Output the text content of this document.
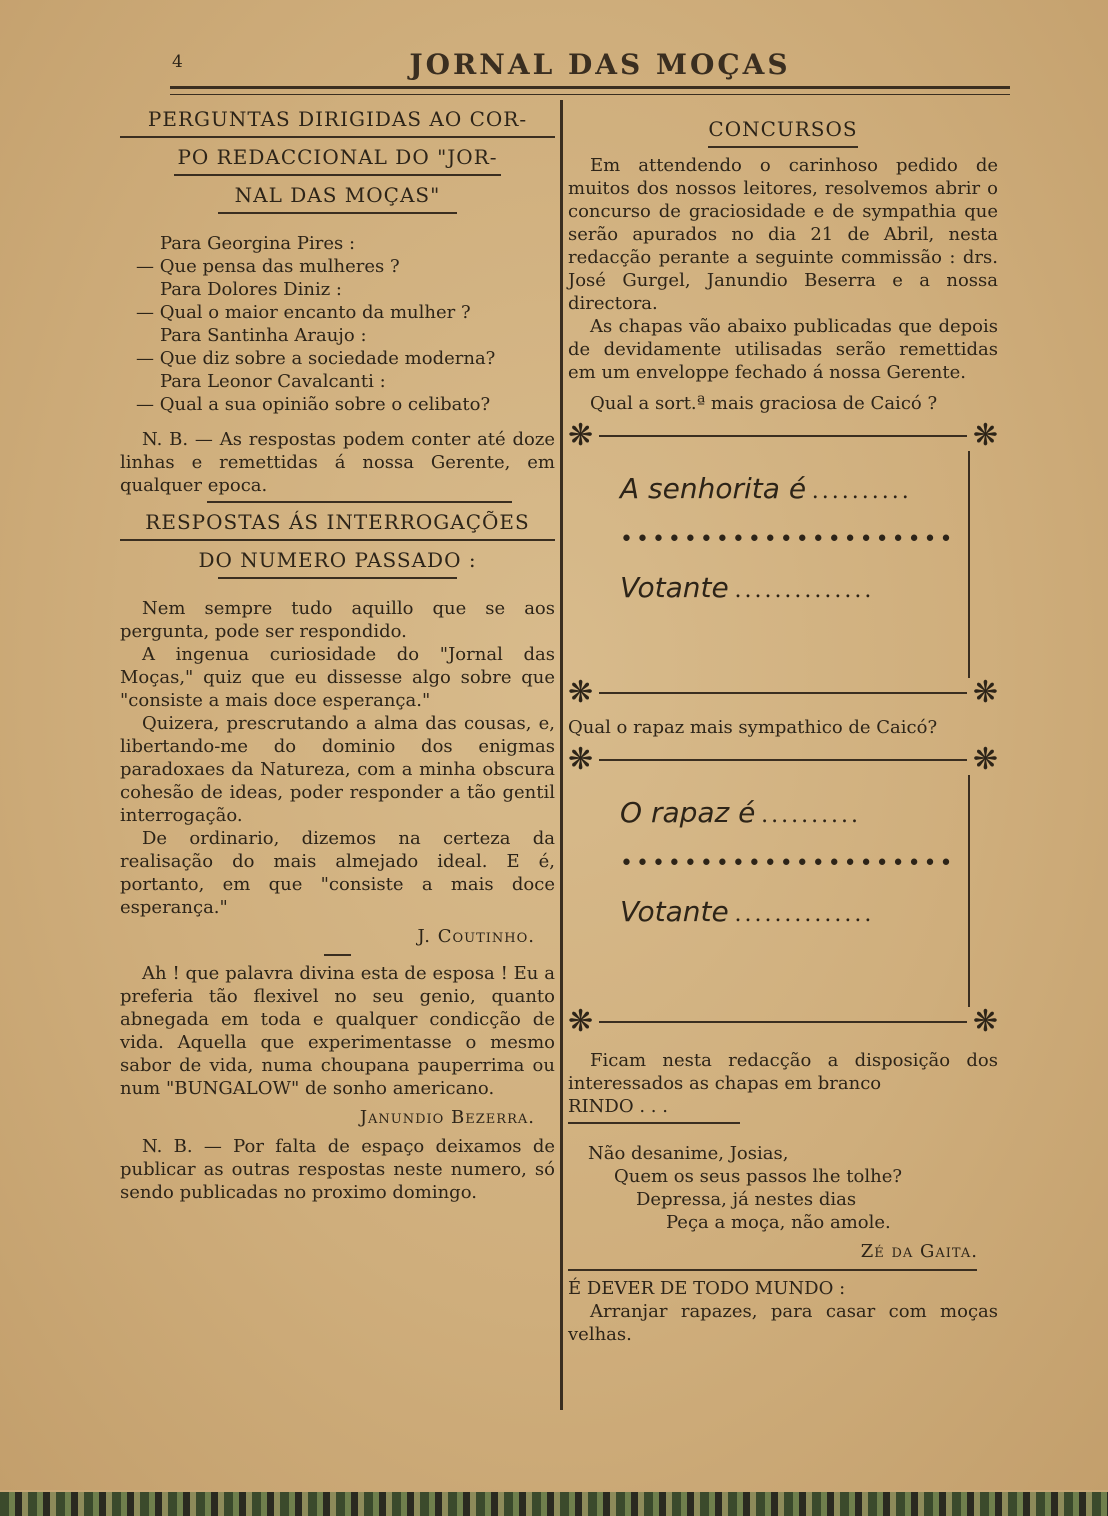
4	JORNAL DAS MOÇAS
PERGUNTAS DIRIGIDAS AO COR-
PO REDACCIONAL DO "JOR-
NAL DAS MOÇAS"

Para Georgina Pires :

— Que pensa das mulheres ?

Para Dolores Diniz :

— Qual o maior encanto da mulher ?

Para Santinha Araujo :

— Que diz sobre a sociedade moderna?

Para Leonor Cavalcanti :

— Qual a sua opinião sobre o celibato?

N. B. — As respostas podem conter até doze linhas e remettidas á nossa Gerente, em qualquer epoca.

RESPOSTAS ÁS INTERROGAÇÕES
DO NUMERO PASSADO :

Nem sempre tudo aquillo que se aos pergunta, pode ser respondido.

A ingenua curiosidade do "Jornal das Moças," quiz que eu dissesse algo sobre que "consiste a mais doce esperança."

Quizera, prescrutando a alma das cousas, e, libertando-me do dominio dos enigmas paradoxaes da Natureza, com a minha obscura cohesão de ideas, poder responder a tão gentil interrogação.

De ordinario, dizemos na certeza da realisação do mais almejado ideal. E é, portanto, em que "consiste a mais doce esperança."

J. Coutinho.

Ah ! que palavra divina esta de esposa ! Eu a preferia tão flexivel no seu genio, quanto abnegada em toda e qualquer condicção de vida. Aquella que experimentasse o mesmo sabor de vida, numa choupana pauperrima ou num "BUNGALOW" de sonho americano.

Janundio Bezerra.

N. B. — Por falta de espaço deixamos de publicar as outras respostas neste numero, só sendo publicadas no proximo domingo.

CONCURSOS

Em attendendo o carinhoso pedido de muitos dos nossos leitores, resolvemos abrir o concurso de graciosidade e de sympathia que serão apurados no dia 21 de Abril, nesta redacção perante a seguinte commissão : drs. José Gurgel, Janundio Beserra e a nossa directora.

As chapas vão abaixo publicadas que depois de devidamente utilisadas serão remettidas em um enveloppe fechado á nossa Gerente.

Qual a sort.ª mais graciosa de Caicó ?
❋	❋
A senhorita é ..........
•••••••••••••••••••••
Votante ..............
❋	❋
Qual o rapaz mais sympathico de Caicó?
❋	❋
O rapaz é ..........
•••••••••••••••••••••
Votante ..............
❋	❋

Ficam nesta redacção a disposição dos interessados as chapas em branco

RINDO . . .
Não desanime, Josias,
Quem os seus passos lhe tolhe?
Depressa, já nestes dias
Peça a moça, não amole.
Zé da Gaita.
É DEVER DE TODO MUNDO :

Arranjar rapazes, para casar com moças velhas.
